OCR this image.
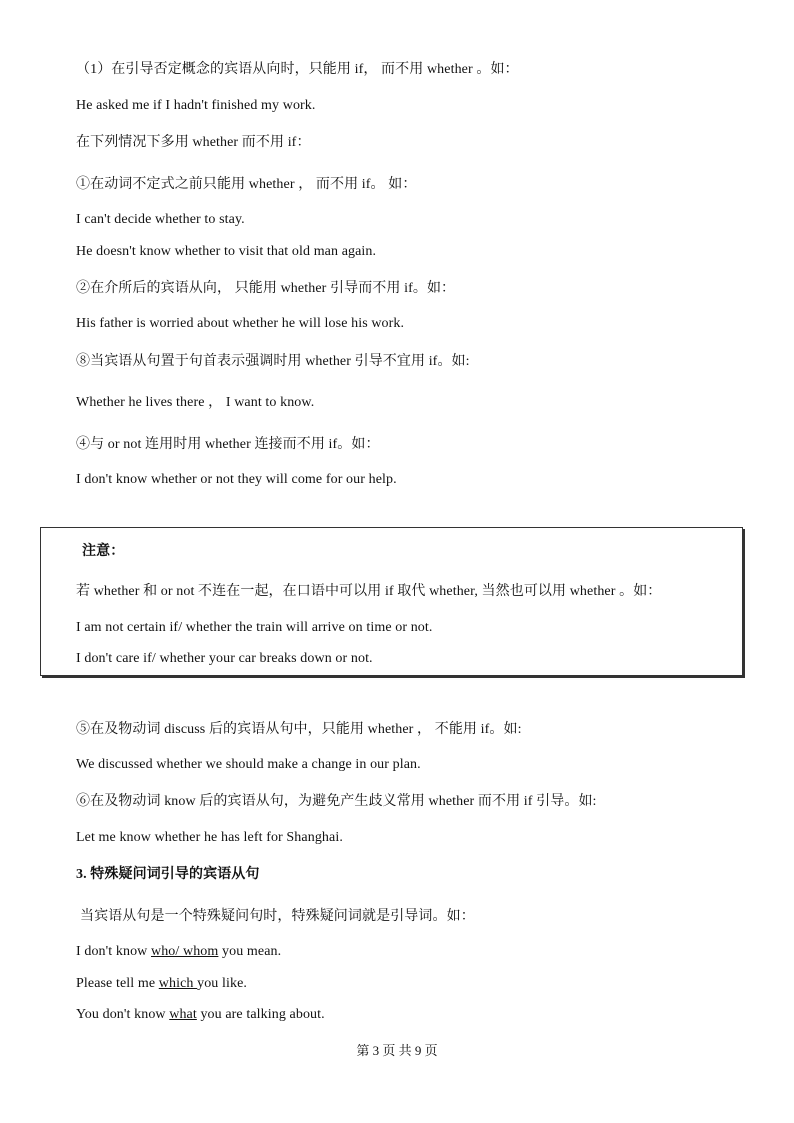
（1）在引导否定概念的宾语从向时，只能用 if， 而不用 whether 。如：
He asked me if I hadn't finished my work.
在下列情况下多用 whether 而不用 if：
①在动词不定式之前只能用 whether ， 而不用 if。 如：
I can't decide whether to stay.
He doesn't know whether to visit that old man again.
②在介所后的宾语从向， 只能用 whether 引导而不用 if。如：
His father is worried about whether he will lose his work.
⑧当宾语从句置于句首表示强调时用 whether 引导不宜用 if。如:
Whether he lives there ， I want to know.
④与 or not 连用时用 whether 连接而不用 if。如：
I don't know whether or not they will come for our help.
注意：
若 whether 和 or not 不连在一起，在口语中可以用 if 取代 whether, 当然也可以用 whether 。如：
I am not certain if/ whether the train will arrive on time or not.
I don't care if/ whether your car breaks down or not.
⑤在及物动词 discuss 后的宾语从句中，只能用 whether ， 不能用 if。如:
We discussed whether we should make a change in our plan.
⑥在及物动词 know 后的宾语从句，为避免产生歧义常用 whether 而不用 if 引导。如:
Let me know whether he has left for Shanghai.
3. 特殊疑问词引导的宾语从句
当宾语从句是一个特殊疑问句时，特殊疑问词就是引导词。如：
I don't know who/ whom you mean.
Please tell me which you like.
You don't know what you are talking about.
第 3 页 共 9 页
